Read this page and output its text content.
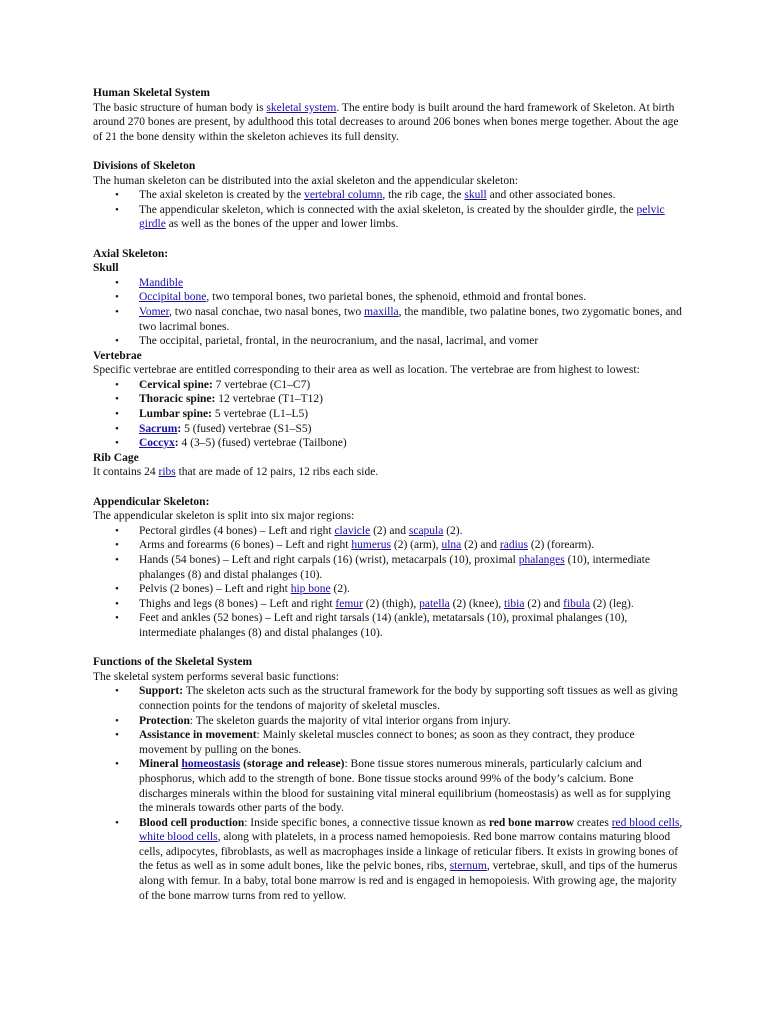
Human Skeletal System

The basic structure of human body is skeletal system. The entire body is built around the hard framework of Skeleton. At birth around 270 bones are present, by adulthood this total decreases to around 206 bones when bones merge together. About the age of 21 the bone density within the skeleton achieves its full density.

Divisions of Skeleton

The human skeleton can be distributed into the axial skeleton and the appendicular skeleton:

• The axial skeleton is created by the vertebral column, the rib cage, the skull and other associated bones.
• The appendicular skeleton, which is connected with the axial skeleton, is created by the shoulder girdle, the pelvic girdle as well as the bones of the upper and lower limbs.

Axial Skeleton:

Skull

• Mandible
• Occipital bone, two temporal bones, two parietal bones, the sphenoid, ethmoid and frontal bones.
• Vomer, two nasal conchae, two nasal bones, two maxilla, the mandible, two palatine bones, two zygomatic bones, and two lacrimal bones.
• The occipital, parietal, frontal, in the neurocranium, and the nasal, lacrimal, and vomer

Vertebrae

Specific vertebrae are entitled corresponding to their area as well as location. The vertebrae are from highest to lowest:

• Cervical spine: 7 vertebrae (C1–C7)
• Thoracic spine: 12 vertebrae (T1–T12)
• Lumbar spine: 5 vertebrae (L1–L5)
• Sacrum: 5 (fused) vertebrae (S1–S5)
• Coccyx: 4 (3–5) (fused) vertebrae (Tailbone)

Rib Cage

It contains 24 ribs that are made of 12 pairs, 12 ribs each side.

Appendicular Skeleton:

The appendicular skeleton is split into six major regions:

• Pectoral girdles (4 bones) – Left and right clavicle (2) and scapula (2).
• Arms and forearms (6 bones) – Left and right humerus (2) (arm), ulna (2) and radius (2) (forearm).
• Hands (54 bones) – Left and right carpals (16) (wrist), metacarpals (10), proximal phalanges (10), intermediate phalanges (8) and distal phalanges (10).
• Pelvis (2 bones) – Left and right hip bone (2).
• Thighs and legs (8 bones) – Left and right femur (2) (thigh), patella (2) (knee), tibia (2) and fibula (2) (leg).
• Feet and ankles (52 bones) – Left and right tarsals (14) (ankle), metatarsals (10), proximal phalanges (10), intermediate phalanges (8) and distal phalanges (10).

Functions of the Skeletal System

The skeletal system performs several basic functions:

• Support: The skeleton acts such as the structural framework for the body by supporting soft tissues as well as giving connection points for the tendons of majority of skeletal muscles.
• Protection: The skeleton guards the majority of vital interior organs from injury.
• Assistance in movement: Mainly skeletal muscles connect to bones; as soon as they contract, they produce movement by pulling on the bones.
• Mineral homeostasis (storage and release): Bone tissue stores numerous minerals, particularly calcium and phosphorus, which add to the strength of bone. Bone tissue stocks around 99% of the body’s calcium. Bone discharges minerals within the blood for sustaining vital mineral equilibrium (homeostasis) as well as for supplying the minerals towards other parts of the body.
• Blood cell production: Inside specific bones, a connective tissue known as red bone marrow creates red blood cells, white blood cells, along with platelets, in a process named hemopoiesis. Red bone marrow contains maturing blood cells, adipocytes, fibroblasts, as well as macrophages inside a linkage of reticular fibers. It exists in growing bones of the fetus as well as in some adult bones, like the pelvic bones, ribs, sternum, vertebrae, skull, and tips of the humerus along with femur. In a baby, total bone marrow is red and is engaged in hemopoiesis. With growing age, the majority of the bone marrow turns from red to yellow.
